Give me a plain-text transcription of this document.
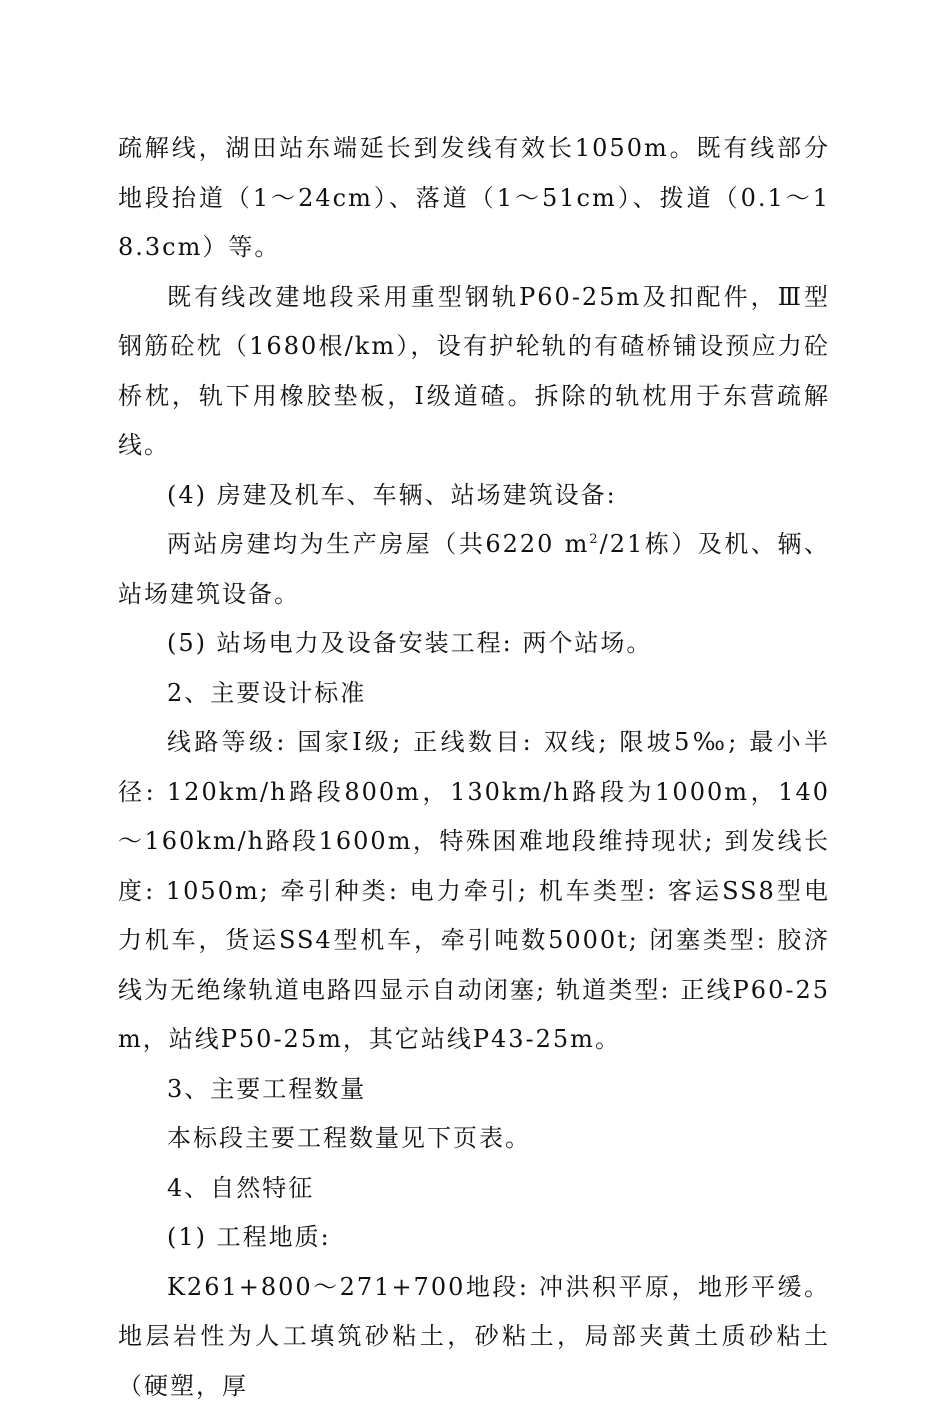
疏解线，湖田站东端延长到发线有效长1050m。既有线部分地段抬道（1～24cm）、落道（1～51cm）、拨道（0.1～18.3cm）等。

既有线改建地段采用重型钢轨P60-25m及扣配件，Ⅲ型钢筋砼枕（1680根/km），设有护轮轨的有碴桥铺设预应力砼桥枕，轨下用橡胶垫板，Ⅰ级道碴。拆除的轨枕用于东营疏解线。

(4) 房建及机车、车辆、站场建筑设备:

两站房建均为生产房屋（共6220 $m^2/21$栋）及机、辆、站场建筑设备。

(5) 站场电力及设备安装工程: 两个站场。

2、主要设计标准

线路等级: 国家Ⅰ级; 正线数目: 双线; 限坡5‰; 最小半径: 120km/h路段800m，130km/h路段为1000m，140～160km/h路段1600m，特殊困难地段维持现状; 到发线长度: 1050m; 牵引种类: 电力牵引; 机车类型: 客运SS8型电力机车，货运SS4型机车，牵引吨数5000t; 闭塞类型: 胶济线为无绝缘轨道电路四显示自动闭塞; 轨道类型: 正线P60-25m，站线P50-25m，其它站线P43-25m。

3、主要工程数量

本标段主要工程数量见下页表。

4、自然特征

(1) 工程地质:

K261+800～271+700地段: 冲洪积平原，地形平缓。地层岩性为人工填筑砂粘土，砂粘土，局部夹黄土质砂粘土（硬塑，厚
